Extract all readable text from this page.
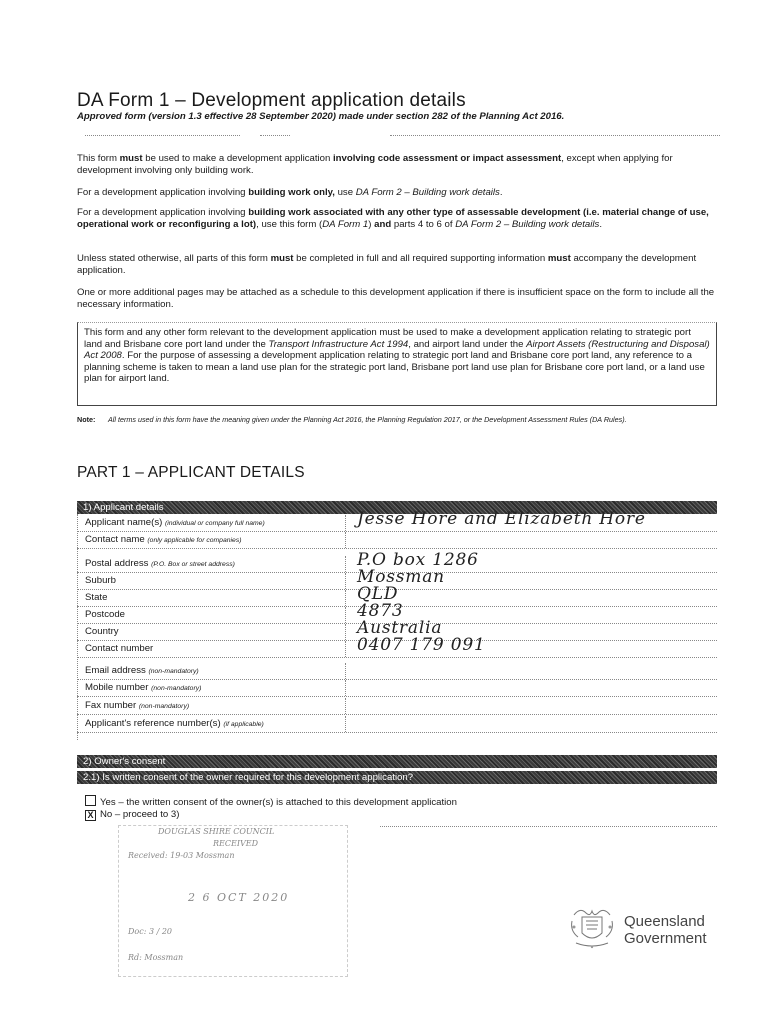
DA Form 1 – Development application details
Approved form (version 1.3 effective 28 September 2020) made under section 282 of the Planning Act 2016.
This form must be used to make a development application involving code assessment or impact assessment, except when applying for development involving only building work.
For a development application involving building work only, use DA Form 2 – Building work details.
For a development application involving building work associated with any other type of assessable development (i.e. material change of use, operational work or reconfiguring a lot), use this form (DA Form 1) and parts 4 to 6 of DA Form 2 – Building work details.
Unless stated otherwise, all parts of this form must be completed in full and all required supporting information must accompany the development application.
One or more additional pages may be attached as a schedule to this development application if there is insufficient space on the form to include all the necessary information.
This form and any other form relevant to the development application must be used to make a development application relating to strategic port land and Brisbane core port land under the Transport Infrastructure Act 1994, and airport land under the Airport Assets (Restructuring and Disposal) Act 2008. For the purpose of assessing a development application relating to strategic port land and Brisbane core port land, any reference to a planning scheme is taken to mean a land use plan for the strategic port land, Brisbane port land use plan for Brisbane core port land, or a land use plan for airport land.
Note: All terms used in this form have the meaning given under the Planning Act 2016, the Planning Regulation 2017, or the Development Assessment Rules (DA Rules).
PART 1 – APPLICANT DETAILS
1) Applicant details
Applicant name(s) (individual or company full name)	Jesse Hore and Elizabeth Hore
Contact name (only applicable for companies)
Postal address (P.O. Box or street address)	P.O box 1286
Suburb	Mossman
State	QLD
Postcode	4873
Country	Australia
Contact number	0407 179 091
Email address (non-mandatory)
Mobile number (non-mandatory)
Fax number (non-mandatory)
Applicant's reference number(s) (if applicable)
2) Owner's consent
2.1) Is written consent of the owner required for this development application?
Yes – the written consent of the owner(s) is attached to this development application
X No – proceed to 3)
DOUGLAS SHIRE COUNCIL
RECEIVED
Received: 19-03 Mossman
2 6 OCT 2020
Doc: 3 / 20
Rd: Mossman
Queensland
Government
